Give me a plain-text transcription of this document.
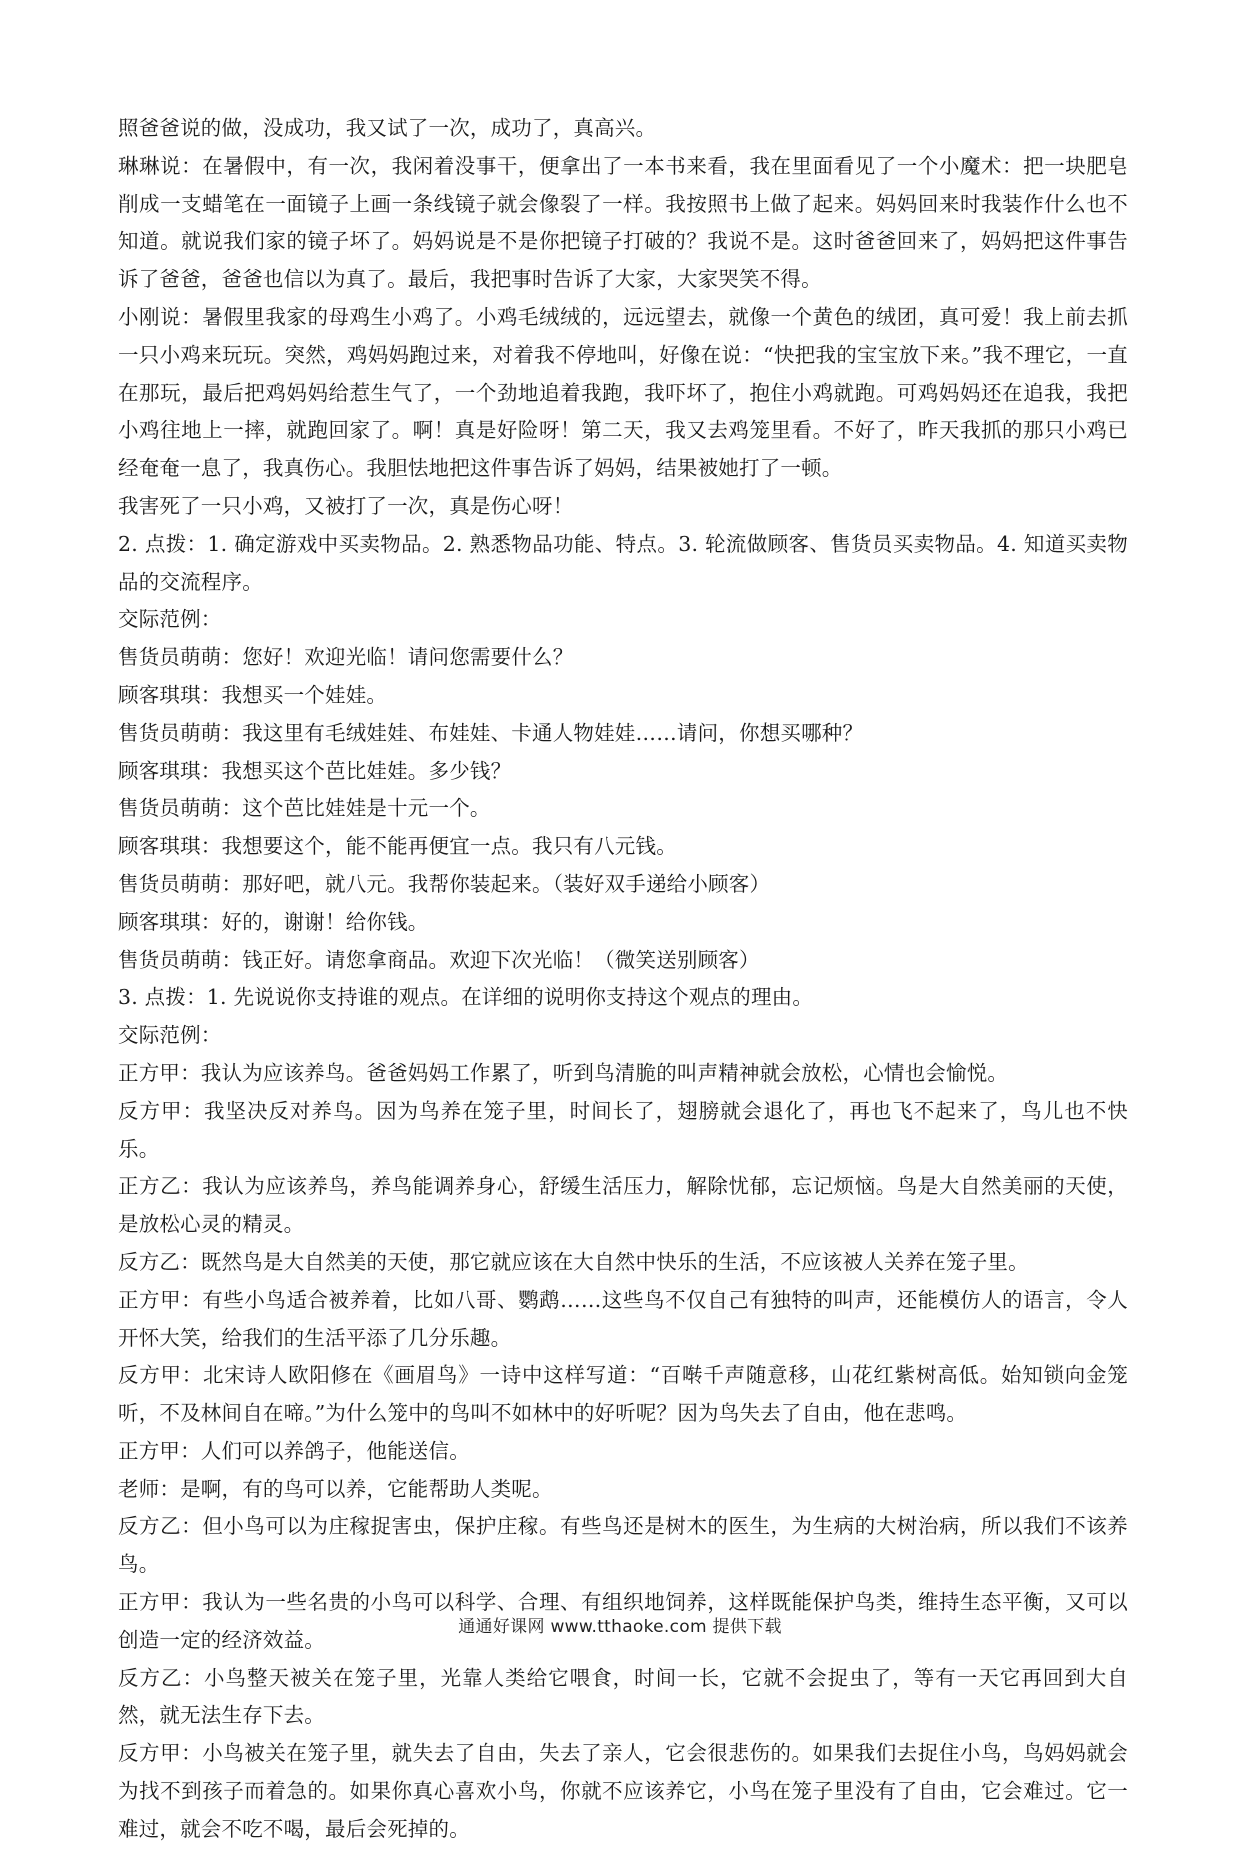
照爸爸说的做，没成功，我又试了一次，成功了，真高兴。

琳琳说：在暑假中，有一次，我闲着没事干，便拿出了一本书来看，我在里面看见了一个小魔术：把一块肥皂削成一支蜡笔在一面镜子上画一条线镜子就会像裂了一样。我按照书上做了起来。妈妈回来时我装作什么也不知道。就说我们家的镜子坏了。妈妈说是不是你把镜子打破的？我说不是。这时爸爸回来了，妈妈把这件事告诉了爸爸，爸爸也信以为真了。最后，我把事时告诉了大家，大家哭笑不得。

小刚说：暑假里我家的母鸡生小鸡了。小鸡毛绒绒的，远远望去，就像一个黄色的绒团，真可爱！我上前去抓一只小鸡来玩玩。突然，鸡妈妈跑过来，对着我不停地叫，好像在说：“快把我的宝宝放下来。”我不理它，一直在那玩，最后把鸡妈妈给惹生气了，一个劲地追着我跑，我吓坏了，抱住小鸡就跑。可鸡妈妈还在追我，我把小鸡往地上一摔，就跑回家了。啊！真是好险呀！第二天，我又去鸡笼里看。不好了，昨天我抓的那只小鸡已经奄奄一息了，我真伤心。我胆怯地把这件事告诉了妈妈，结果被她打了一顿。

我害死了一只小鸡，又被打了一次，真是伤心呀！

2. 点拨：1. 确定游戏中买卖物品。2. 熟悉物品功能、特点。3. 轮流做顾客、售货员买卖物品。4. 知道买卖物品的交流程序。

交际范例：

售货员萌萌：您好！欢迎光临！请问您需要什么？

顾客琪琪：我想买一个娃娃。

售货员萌萌：我这里有毛绒娃娃、布娃娃、卡通人物娃娃……请问，你想买哪种？

顾客琪琪：我想买这个芭比娃娃。多少钱？

售货员萌萌：这个芭比娃娃是十元一个。

顾客琪琪：我想要这个，能不能再便宜一点。我只有八元钱。

售货员萌萌：那好吧，就八元。我帮你装起来。（装好双手递给小顾客）

顾客琪琪：好的，谢谢！给你钱。

售货员萌萌：钱正好。请您拿商品。欢迎下次光临！（微笑送别顾客）

3. 点拨：1. 先说说你支持谁的观点。在详细的说明你支持这个观点的理由。

交际范例：

正方甲：我认为应该养鸟。爸爸妈妈工作累了，听到鸟清脆的叫声精神就会放松，心情也会愉悦。

反方甲：我坚决反对养鸟。因为鸟养在笼子里，时间长了，翅膀就会退化了，再也飞不起来了，鸟儿也不快乐。

正方乙：我认为应该养鸟，养鸟能调养身心，舒缓生活压力，解除忧郁，忘记烦恼。鸟是大自然美丽的天使，是放松心灵的精灵。

反方乙：既然鸟是大自然美的天使，那它就应该在大自然中快乐的生活，不应该被人关养在笼子里。

正方甲：有些小鸟适合被养着，比如八哥、鹦鹉……这些鸟不仅自己有独特的叫声，还能模仿人的语言，令人开怀大笑，给我们的生活平添了几分乐趣。

反方甲：北宋诗人欧阳修在《画眉鸟》一诗中这样写道：“百啭千声随意移，山花红紫树高低。始知锁向金笼听，不及林间自在啼。”为什么笼中的鸟叫不如林中的好听呢？因为鸟失去了自由，他在悲鸣。

正方甲：人们可以养鸽子，他能送信。

老师：是啊，有的鸟可以养，它能帮助人类呢。

反方乙：但小鸟可以为庄稼捉害虫，保护庄稼。有些鸟还是树木的医生，为生病的大树治病，所以我们不该养鸟。

正方甲：我认为一些名贵的小鸟可以科学、合理、有组织地饲养，这样既能保护鸟类，维持生态平衡，又可以创造一定的经济效益。

反方乙：小鸟整天被关在笼子里，光靠人类给它喂食，时间一长，它就不会捉虫了，等有一天它再回到大自然，就无法生存下去。

反方甲：小鸟被关在笼子里，就失去了自由，失去了亲人，它会很悲伤的。如果我们去捉住小鸟，鸟妈妈就会为找不到孩子而着急的。如果你真心喜欢小鸟，你就不应该养它，小鸟在笼子里没有了自由，它会难过。它一难过，就会不吃不喝，最后会死掉的。

通通好课网 www.tthaoke.com 提供下载
